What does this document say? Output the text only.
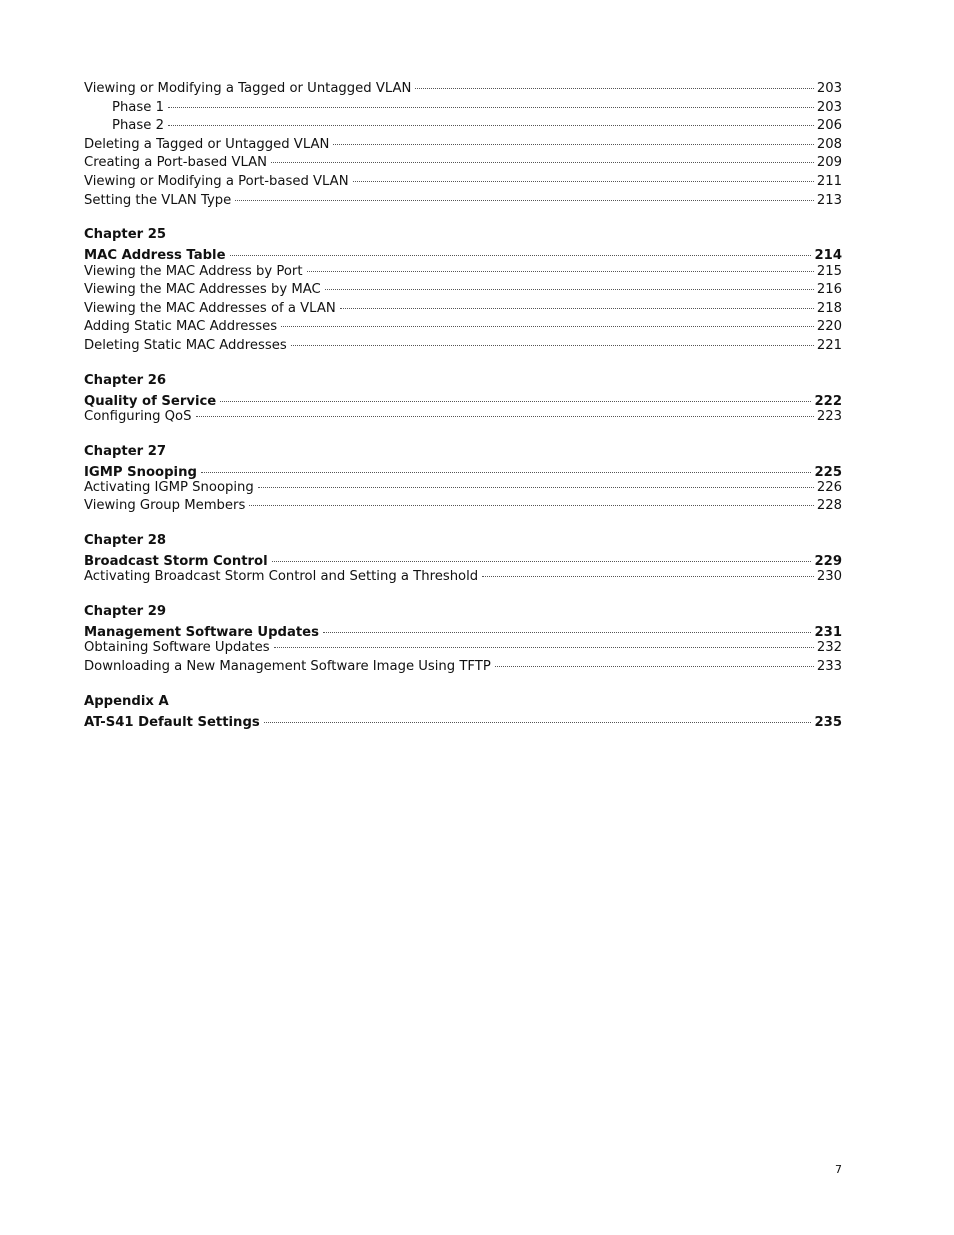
Viewing or Modifying a Tagged or Untagged VLAN	203
Phase 1	203
Phase 2	206
Deleting a Tagged or Untagged VLAN	208
Creating a Port-based VLAN	209
Viewing or Modifying a Port-based VLAN	211
Setting the VLAN Type	213
Chapter 25
MAC Address Table	214
Viewing the MAC Address by Port	215
Viewing the MAC Addresses by MAC	216
Viewing the MAC Addresses of a VLAN	218
Adding Static MAC Addresses	220
Deleting Static MAC Addresses	221
Chapter 26
Quality of Service	222
Configuring QoS	223
Chapter 27
IGMP Snooping	225
Activating IGMP Snooping	226
Viewing Group Members	228
Chapter 28
Broadcast Storm Control	229
Activating Broadcast Storm Control and Setting a Threshold	230
Chapter 29
Management Software Updates	231
Obtaining Software Updates	232
Downloading a New Management Software Image Using TFTP	233
Appendix A
AT-S41 Default Settings	235
7
